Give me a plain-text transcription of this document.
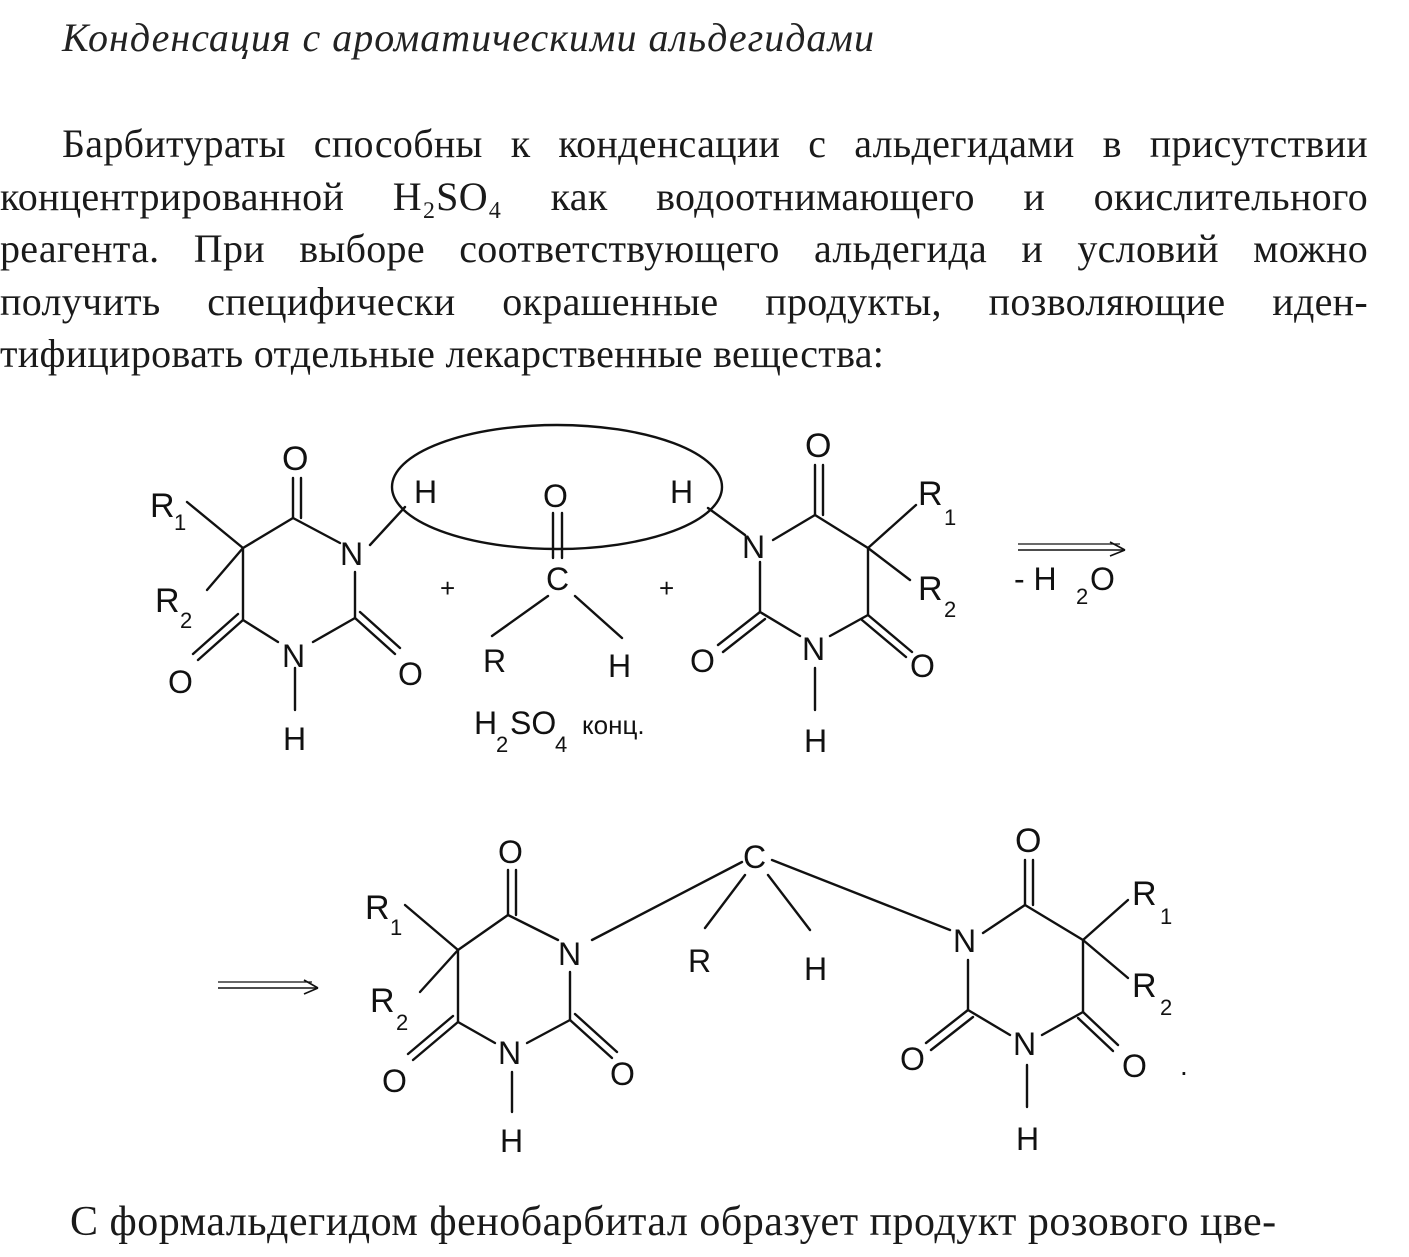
Конденсация с ароматическими альдегидами
Барбитураты способны к конденсации с альдегидами в присутствии
концентрированной H₂SO₄ как водоотнимающего и окислительного
реагента. При выборе соответствующего альдегида и условий можно
получить специфически окрашенные продукты, позволяющие иден-
тифицировать отдельные лекарственные вещества:
O
R 1
R
2
N
N
O	O
H
H	H
+	+
O
C
R	H
H
2
SO
4
конц.
N
O
R
1
R
2
O
N
O
H
- H 2 O
O
N
O
N
O
R
1
R
2
H
C
R	H
N
O
R
1
R
2
O .
N
O
H
С формальдегидом фенобарбитал образует продукт розового цве-
